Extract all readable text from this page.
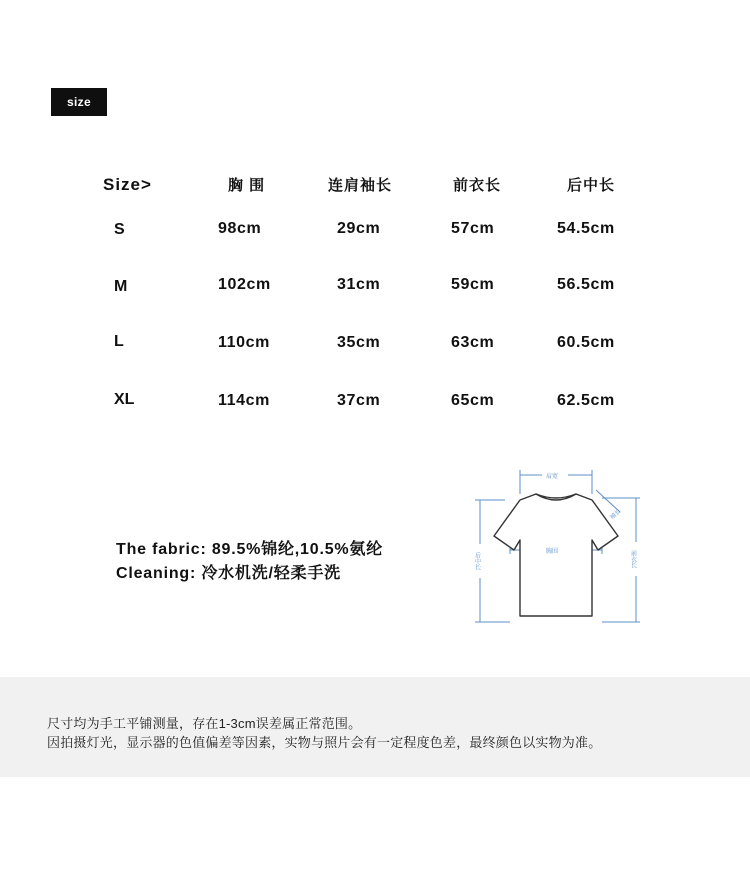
size
Size>	胸 围	连肩袖长	前衣长	后中长
S	98cm	29cm	57cm	54.5cm
M	102cm	31cm	59cm	56.5cm
L	110cm	35cm	63cm	60.5cm
XL	114cm	37cm	65cm	62.5cm
The fabric: 89.5%锦纶,10.5%氨纶
Cleaning: 冷水机洗/轻柔手洗
肩宽
胸围
袖长
后中长	前衣长
尺寸均为手工平铺测量，存在1-3cm误差属正常范围。
因拍摄灯光，显示器的色值偏差等因素，实物与照片会有一定程度色差，最终颜色以实物为准。
